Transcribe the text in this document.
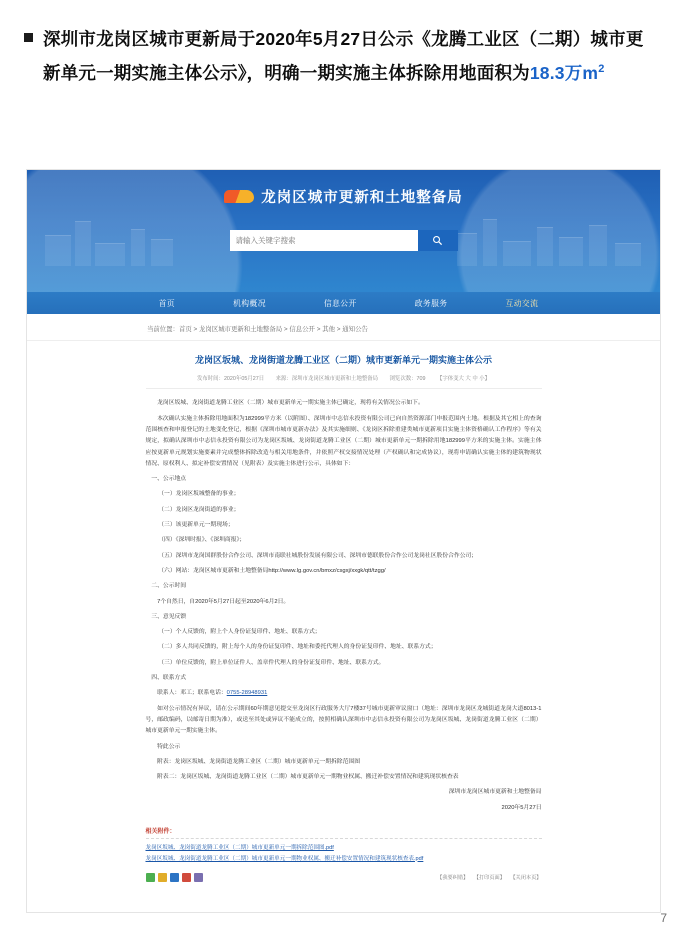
深圳市龙岗区城市更新局于2020年5月27日公示《龙腾工业区（二期）城市更新单元一期实施主体公示》，明确一期实施主体拆除用地面积为18.3万$m^2$
龙岗区城市更新和土地整备局
请输入关键字搜索
首页	机构概况	信息公开	政务服务	互动交流
当前位置：首页 > 龙岗区城市更新和土地整备局 > 信息公开 > 其他 > 通知公告
龙岗区坂城、龙岗街道龙腾工业区（二期）城市更新单元一期实施主体公示
发布时间：2020年05月27日 来源：深圳市龙岗区城市更新和土地整备局 浏览次数：709 【字体变大 大 中 小】

龙岗区坂城、龙岗街道龙腾工业区（二期）城市更新单元一期实施主体已确定，现将有关情况公示如下。

本次确认实施主体拆除用地面积为182999平方米（以附图）、深圳市中志信永投资有限公司已向自然资源部门申报范围内土地。根据及其它相上的查询范围核查和申报登记的土地变化登记，根据《深圳市城市更新办法》及其实施细则、《龙岗区拆除重建类城市更新项目实施主体资格确认工作程序》等有关规定，拟确认深圳市中志信永投资有限公司为龙岗区坂城、龙岗街道龙腾工业区（二期）城市更新单元一期拆除用地182999平方米的实施主体。实施主体应按更新单元规划实施要素并完成整体拆除改造与相关用地条件，并依照产权交接情况处理（产权确认和完成协议），现将申请确认实施主体的建筑物现状情况、原权利人、拟定补偿安置情况（见附表）及实施主体进行公示，具体如下：

一、公示地点

（一）龙岗区坂城整备的事业；

（二）龙岗区龙岗街道的事业；

（三）该更新单元一期现场；

（四）《深圳时报》、《深圳商报》；

（五）深圳市龙岗国群股份合作公司、深圳市南联社城股份发展有限公司、深圳市德联股份合作公司龙岗社区股份合作公司；

（六）网站：龙岗区城市更新和土地整备局http://www.lg.gov.cn/bmxz/csgxj/xxgk/qtt/tzgg/

二、公示时间

7个自然日，自2020年5月27日起至2020年6月2日。

三、意见反馈

（一）个人反馈的，附上个人身份证复印件、地址、联系方式；

（二）多人共同反馈的，附上每个人的身份证复印件、地址和委托代理人的身份证复印件、地址、联系方式；

（三）单位反馈的，附上单位证件人、盖章件代理人的身份证复印件、地址、联系方式。

四、联系方式

联系人：邓工；联系电话：0755-28948931

如对公示情况有异议，请在公示期间60年期意见提交至龙岗区行政服务大厅7楼37号城市更新审议窗口（地址：深圳市龙岗区龙城街道龙岗大道8013-1号，邮政编码，以邮寄日期为准），或送至其处或异议不能成立的，按照相确认深圳市中志信永投资有限公司为龙岗区坂城、龙岗街道龙腾工业区（二期）城市更新单元一期实施主体。

特此公示

附表：龙岗区坂城、龙岗街道龙腾工业区（二期）城市更新单元一期拆除范围图

附表二：龙岗区坂城、龙岗街道龙腾工业区（二期）城市更新单元一期物业权属、搬迁补偿安置情况和建筑现状核查表

深圳市龙岗区城市更新和土地整备局

2020年5月27日

相关附件：
龙岗区坂城、龙岗街道龙腾工业区（二期）城市更新单元一期拆除范围图.pdf
龙岗区坂城、龙岗街道龙腾工业区（二期）城市更新单元一期物业权属、搬迁补偿安置情况和建筑现状核查表.pdf
【我要纠错】 【打印页面】 【关闭本页】
7
